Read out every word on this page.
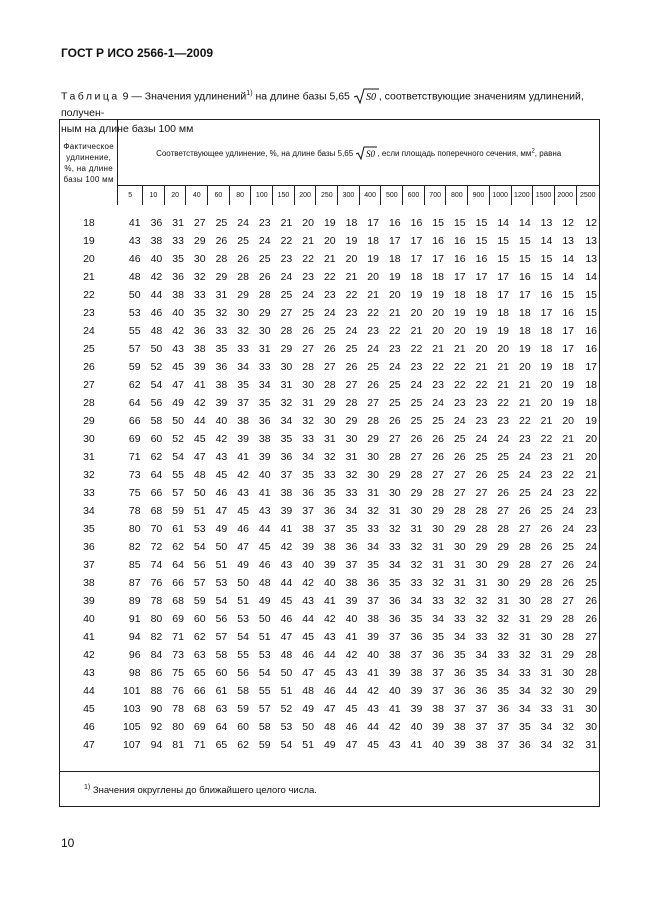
ГОСТ Р ИСО 2566-1—2009
Таблица 9 — Значения удлинений$^{1)}$ на длине базы 5,65 S0 , соответствующие значениям удлинений, получен-
ным на длине базы 100 мм
Фактическое удлинение, %, на длине базы 100 мм	Соответствующее удлинение, %, на длине базы 5,65 S0 , если площадь поперечного сечения, $мм^2$, равна																					
	5	10	20	40	60	80	100	150	200	250	300	400	500	600	700	800	900	1000	1200	1500	2000	2500
18	41	36	31	27	25	24	23	21	20	19	18	17	16	16	15	15	15	14	14	13	12	12
19	43	38	33	29	26	25	24	22	21	20	19	18	17	17	16	16	15	15	15	14	13	13
20	46	40	35	30	28	26	25	23	22	21	20	19	18	17	17	16	16	15	15	15	14	13
21	48	42	36	32	29	28	26	24	23	22	21	20	19	18	18	17	17	17	16	15	14	14
22	50	44	38	33	31	29	28	25	24	23	22	21	20	19	19	18	18	17	17	16	15	15
23	53	46	40	35	32	30	29	27	25	24	23	22	21	20	20	19	19	18	18	17	16	15
24	55	48	42	36	33	32	30	28	26	25	24	23	22	21	20	20	19	19	18	18	17	16
25	57	50	43	38	35	33	31	29	27	26	25	24	23	22	21	21	20	20	19	18	17	16
26	59	52	45	39	36	34	33	30	28	27	26	25	24	23	22	22	21	21	20	19	18	17
27	62	54	47	41	38	35	34	31	30	28	27	26	25	24	23	22	22	21	21	20	19	18
28	64	56	49	42	39	37	35	32	31	29	28	27	25	25	24	23	23	22	21	20	19	18
29	66	58	50	44	40	38	36	34	32	30	29	28	26	25	25	24	23	23	22	21	20	19
30	69	60	52	45	42	39	38	35	33	31	30	29	27	26	26	25	24	24	23	22	21	20
31	71	62	54	47	43	41	39	36	34	32	31	30	28	27	26	26	25	25	24	23	21	20
32	73	64	55	48	45	42	40	37	35	33	32	30	29	28	27	27	26	25	24	23	22	21
33	75	66	57	50	46	43	41	38	36	35	33	31	30	29	28	27	27	26	25	24	23	22
34	78	68	59	51	47	45	43	39	37	36	34	32	31	30	29	28	28	27	26	25	24	23
35	80	70	61	53	49	46	44	41	38	37	35	33	32	31	30	29	28	28	27	26	24	23
36	82	72	62	54	50	47	45	42	39	38	36	34	33	32	31	30	29	29	28	26	25	24
37	85	74	64	56	51	49	46	43	40	39	37	35	34	32	31	31	30	29	28	27	26	24
38	87	76	66	57	53	50	48	44	42	40	38	36	35	33	32	31	31	30	29	28	26	25
39	89	78	68	59	54	51	49	45	43	41	39	37	36	34	33	32	32	31	30	28	27	26
40	91	80	69	60	56	53	50	46	44	42	40	38	36	35	34	33	32	32	31	29	28	26
41	94	82	71	62	57	54	51	47	45	43	41	39	37	36	35	34	33	32	31	30	28	27
42	96	84	73	63	58	55	53	48	46	44	42	40	38	37	36	35	34	33	32	31	29	28
43	98	86	75	65	60	56	54	50	47	45	43	41	39	38	37	36	35	34	33	31	30	28
44	101	88	76	66	61	58	55	51	48	46	44	42	40	39	37	36	36	35	34	32	30	29
45	103	90	78	68	63	59	57	52	49	47	45	43	41	39	38	37	37	36	34	33	31	30
46	105	92	80	69	64	60	58	53	50	48	46	44	42	40	39	38	37	37	35	34	32	30
47	107	94	81	71	65	62	59	54	51	49	47	45	43	41	40	39	38	37	36	34	32	31
$^{1)}$ Значения округлены до ближайшего целого числа.
10
